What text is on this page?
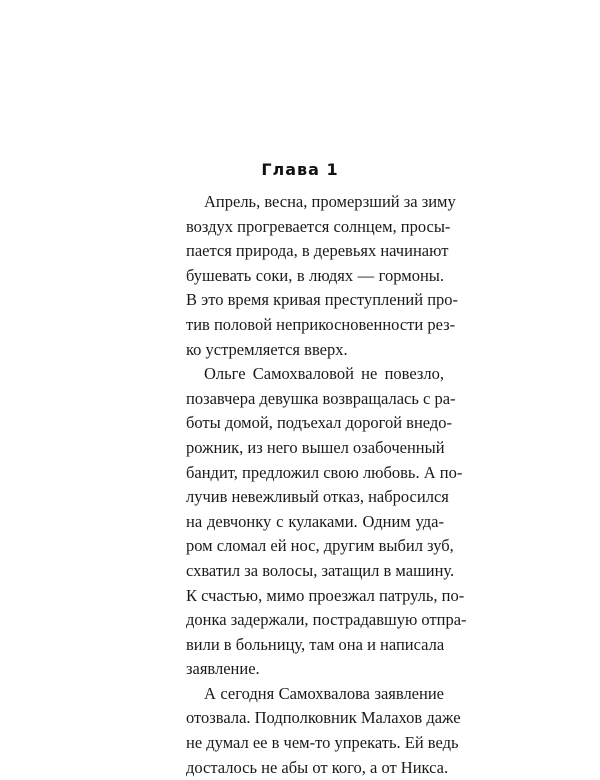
Глава 1
Апрель, весна, промерзший за зиму
воздух прогревается солнцем, просы-
пается природа, в деревьях начинают
бушевать соки, в людях — гормоны.
В это время кривая преступлений про-
тив половой неприкосновенности рез-
ко устремляется вверх.
Ольге Самохваловой не повезло,
позавчера девушка возвращалась с ра-
боты домой, подъехал дорогой внедо-
рожник, из него вышел озабоченный
бандит, предложил свою любовь. А по-
лучив невежливый отказ, набросился
на девчонку с кулаками. Одним уда-
ром сломал ей нос, другим выбил зуб,
схватил за волосы, затащил в машину.
К счастью, мимо проезжал патруль, по-
донка задержали, пострадавшую отпра-
вили в больницу, там она и написала
заявление.
А сегодня Самохвалова заявление
отозвала. Подполковник Малахов даже
не думал ее в чем-то упрекать. Ей ведь
досталось не абы от кого, а от Никса.
